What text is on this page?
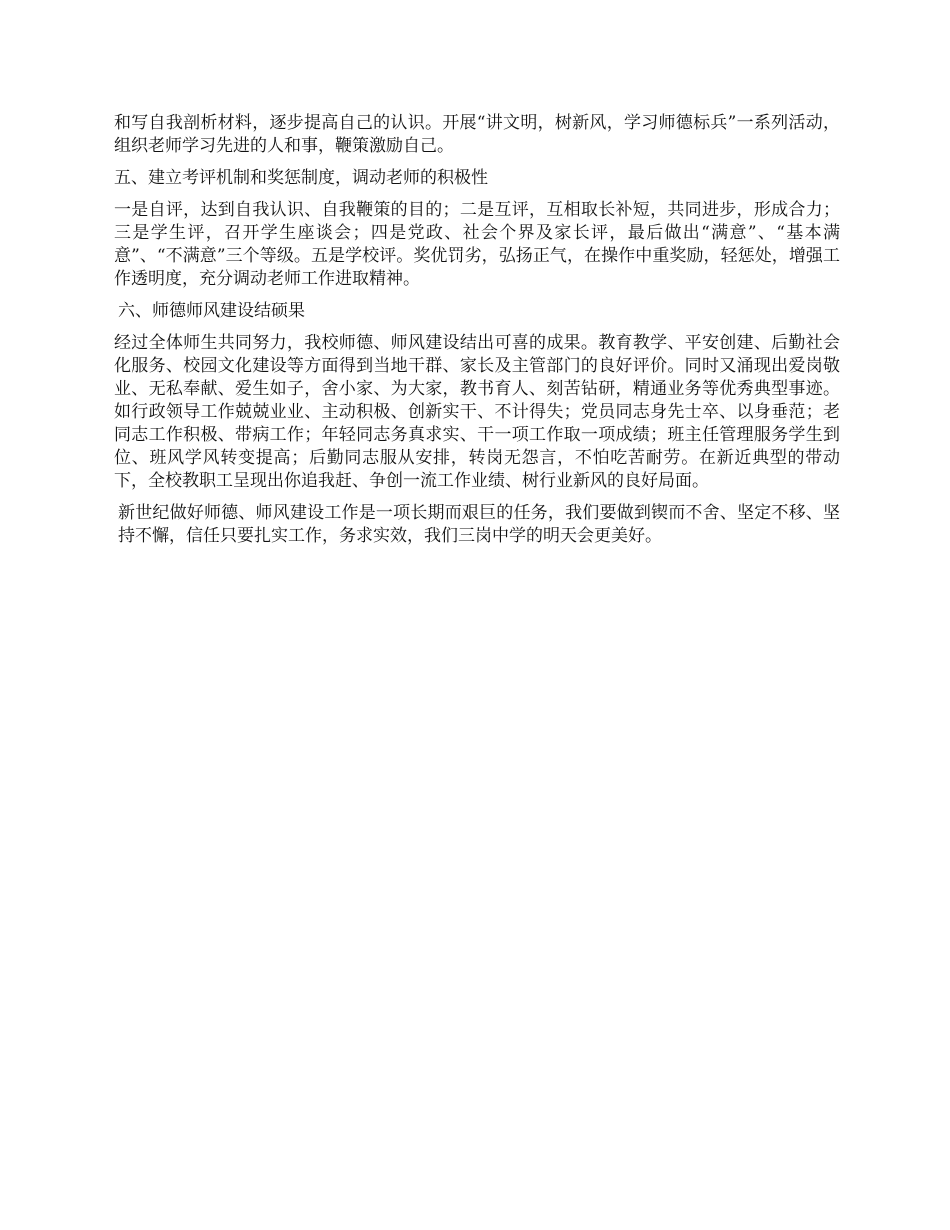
和写自我剖析材料，逐步提高自己的认识。开展“讲文明，树新风，学习师德标兵”一系列活动，组织老师学习先进的人和事，鞭策激励自己。

五、建立考评机制和奖惩制度，调动老师的积极性

一是自评，达到自我认识、自我鞭策的目的；二是互评，互相取长补短，共同进步，形成合力；三是学生评，召开学生座谈会；四是党政、社会个界及家长评，最后做出“满意”、“基本满意”、“不满意”三个等级。五是学校评。奖优罚劣，弘扬正气，在操作中重奖励，轻惩处，增强工作透明度，充分调动老师工作进取精神。

六、师德师风建设结硕果

经过全体师生共同努力，我校师德、师风建设结出可喜的成果。教育教学、平安创建、后勤社会化服务、校园文化建设等方面得到当地干群、家长及主管部门的良好评价。同时又涌现出爱岗敬业、无私奉献、爱生如子，舍小家、为大家，教书育人、刻苦钻研，精通业务等优秀典型事迹。如行政领导工作兢兢业业、主动积极、创新实干、不计得失；党员同志身先士卒、以身垂范；老同志工作积极、带病工作；年轻同志务真求实、干一项工作取一项成绩；班主任管理服务学生到位、班风学风转变提高；后勤同志服从安排，转岗无怨言，不怕吃苦耐劳。在新近典型的带动下，全校教职工呈现出你追我赶、争创一流工作业绩、树行业新风的良好局面。

新世纪做好师德、师风建设工作是一项长期而艰巨的任务，我们要做到锲而不舍、坚定不移、坚持不懈，信任只要扎实工作，务求实效，我们三岗中学的明天会更美好。
